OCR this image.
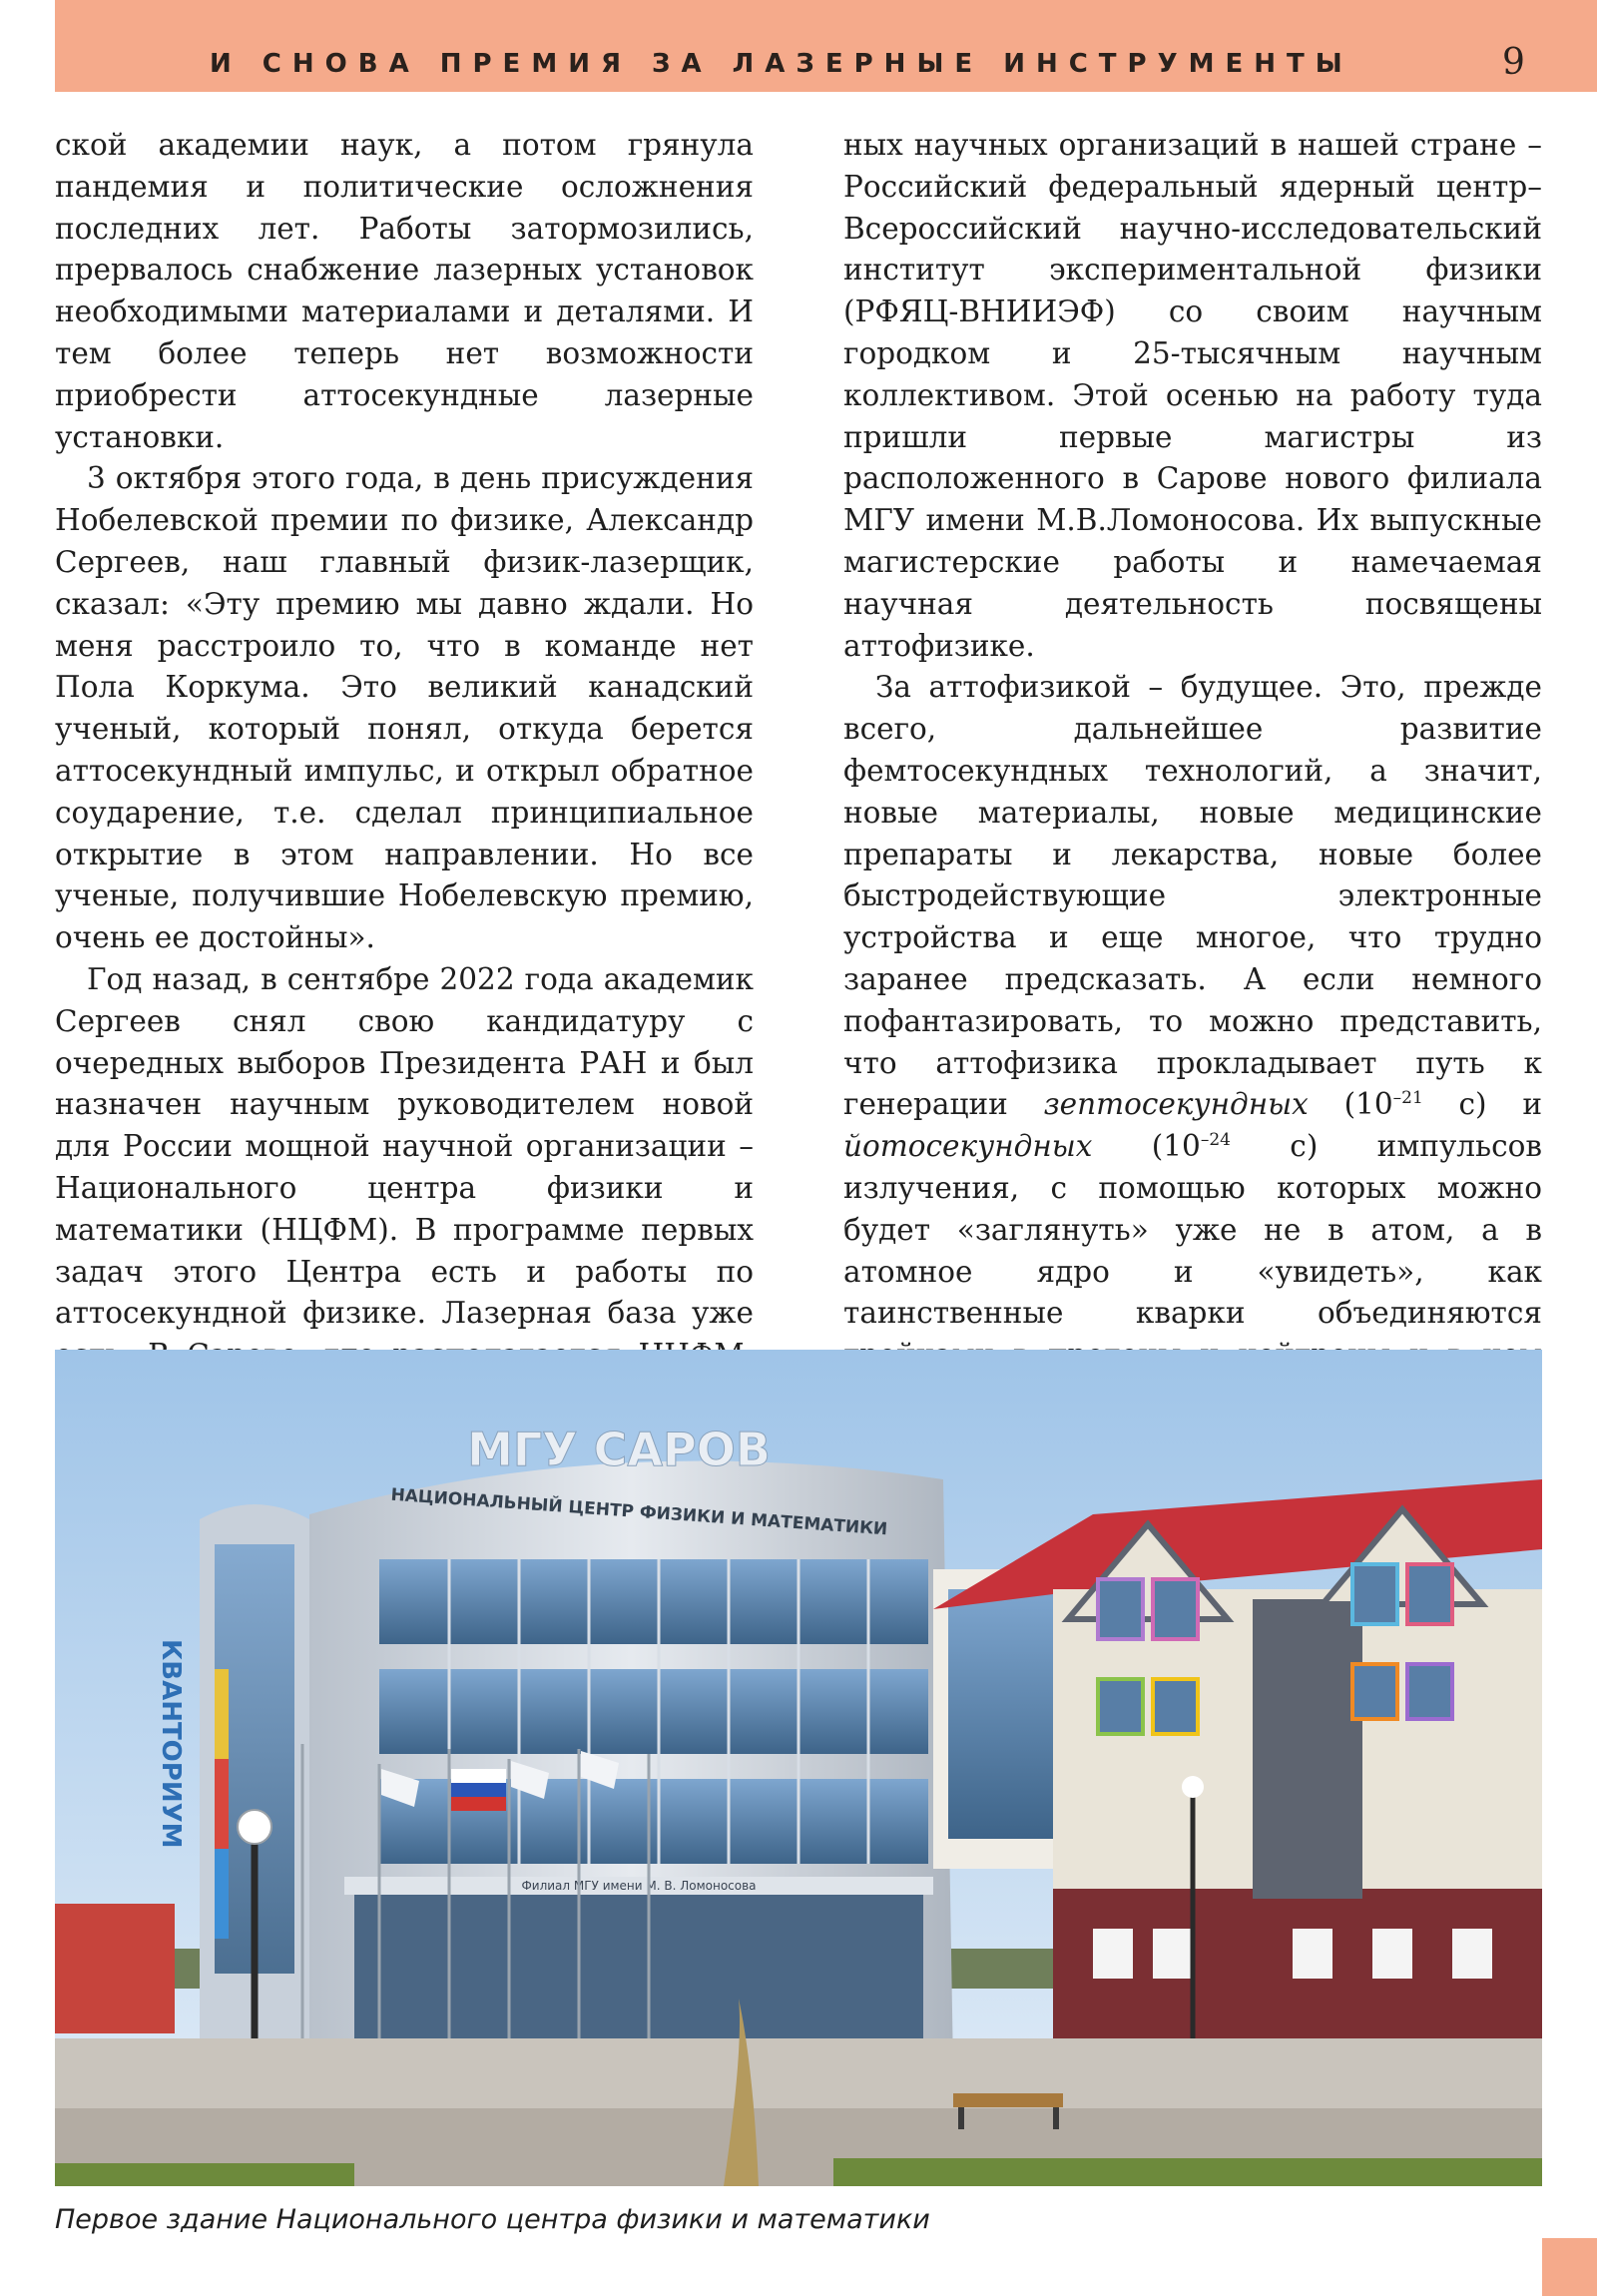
И СНОВА ПРЕМИЯ ЗА ЛАЗЕРНЫЕ ИНСТРУМЕНТЫ	9

ской академии наук, а потом грянула пандемия и политические осложнения последних лет. Работы затормозились, прервалось снабжение лазерных установок необходимыми материалами и деталями. И тем более теперь нет возможности приобрести аттосекундные лазерные установки.

3 октября этого года, в день присуждения Нобелевской премии по физике, Александр Сергеев, наш главный физик-лазерщик, сказал: «Эту премию мы давно ждали. Но меня расстроило то, что в команде нет Пола Коркума. Это великий канадский ученый, который понял, откуда берется аттосекундный импульс, и открыл обратное соударение, т.е. сделал принципиальное открытие в этом направлении. Но все ученые, получившие Нобелевскую премию, очень ее достойны».

Год назад, в сентябре 2022 года академик Сергеев снял свою кандидатуру с очередных выборов Президента РАН и был назначен научным руководителем новой для России мощной научной организации – Национального центра физики и математики (НЦФМ). В программе первых задач этого Центра есть и работы по аттосекундной физике. Лазерная база уже

ных научных организаций в нашей стране – Российский федеральный ядерный центр– Всероссийский научно-исследовательский институт экспериментальной физики (РФЯЦ-ВНИИЭФ) со своим научным городком и 25-тысячным научным коллективом. Этой осенью на работу туда пришли первые магистры из расположенного в Сарове нового филиала МГУ имени М.В.Ломоносова. Их выпускные магистерские работы и намечаемая научная деятельность посвящены аттофизике.

За аттофизикой – будущее. Это, прежде всего, дальнейшее развитие фемтосекундных технологий, а значит, новые материалы, новые медицинские препараты и лекарства, новые более быстродействующие электронные устройства и еще многое, что трудно заранее предсказать. А если немного пофантазировать, то можно представить, что аттофизика прокладывает путь к генерации зептосекундных ($10^{-21}$ с) и йотосекундных ($10^{-24}$ с) импульсов излучения, с помощью которых можно будет «заглянуть» уже не в атом, а в атомное ядро и «увидеть», как таинственные кварки объединяются

КВАНТОРИУМ
Филиал МГУ имени М. В. Ломоносова
МГУ САРОВ
НАЦИОНАЛЬНЫЙ ЦЕНТР ФИЗИКИ И МАТЕМАТИКИ
Первое здание Национального центра физики и математики
